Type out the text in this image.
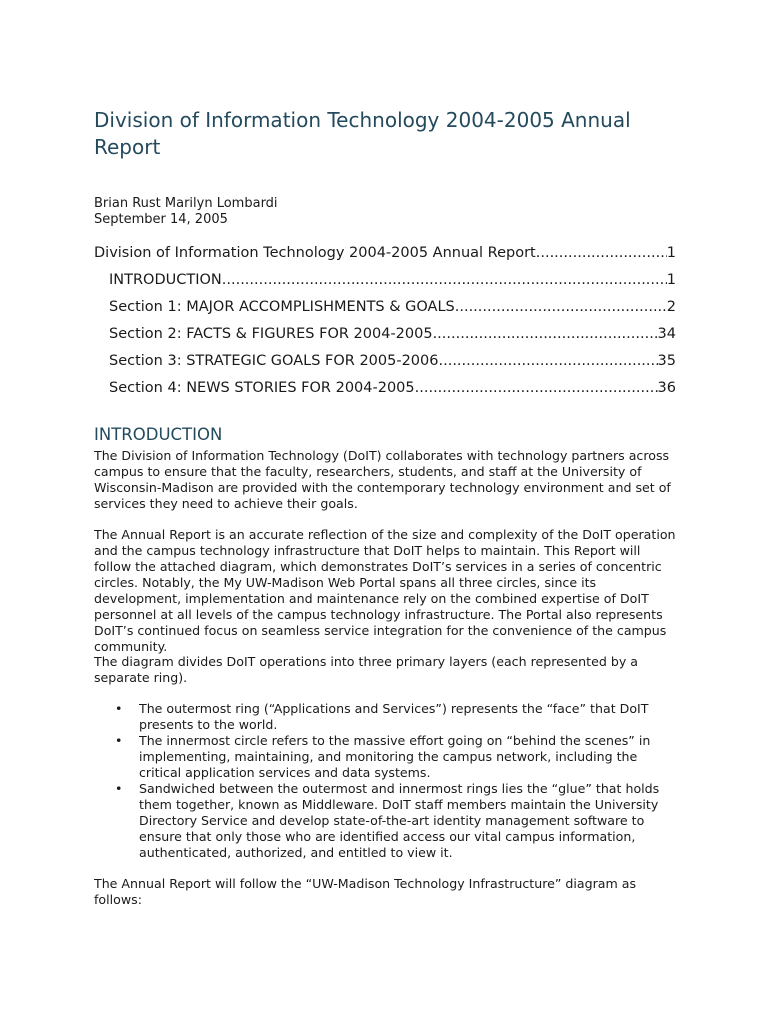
Division of Information Technology 2004-2005 Annual Report
Brian Rust Marilyn Lombardi
September 14, 2005
Division of Information Technology 2004-2005 Annual Report .....	1
INTRODUCTION .....	1
Section 1: MAJOR ACCOMPLISHMENTS & GOALS .....	2
Section 2: FACTS & FIGURES FOR 2004-2005 .....	34
Section 3: STRATEGIC GOALS FOR 2005-2006 .....	35
Section 4: NEWS STORIES FOR 2004-2005 .....	36
INTRODUCTION

The Division of Information Technology (DoIT) collaborates with technology partners across campus to ensure that the faculty, researchers, students, and staff at the University of Wisconsin-Madison are provided with the contemporary technology environment and set of services they need to achieve their goals.

The Annual Report is an accurate reflection of the size and complexity of the DoIT operation and the campus technology infrastructure that DoIT helps to maintain. This Report will follow the attached diagram, which demonstrates DoIT’s services in a series of concentric circles. Notably, the My UW-Madison Web Portal spans all three circles, since its development, implementation and maintenance rely on the combined expertise of DoIT personnel at all levels of the campus technology infrastructure. The Portal also represents DoIT’s continued focus on seamless service integration for the convenience of the campus community.

The diagram divides DoIT operations into three primary layers (each represented by a separate ring).

• The outermost ring (“Applications and Services”) represents the “face” that DoIT presents to the world.
• The innermost circle refers to the massive effort going on “behind the scenes” in implementing, maintaining, and monitoring the campus network, including the critical application services and data systems.
• Sandwiched between the outermost and innermost rings lies the “glue” that holds them together, known as Middleware. DoIT staff members maintain the University Directory Service and develop state-of-the-art identity management software to ensure that only those who are identified access our vital campus information, authenticated, authorized, and entitled to view it.

The Annual Report will follow the “UW-Madison Technology Infrastructure” diagram as follows:
